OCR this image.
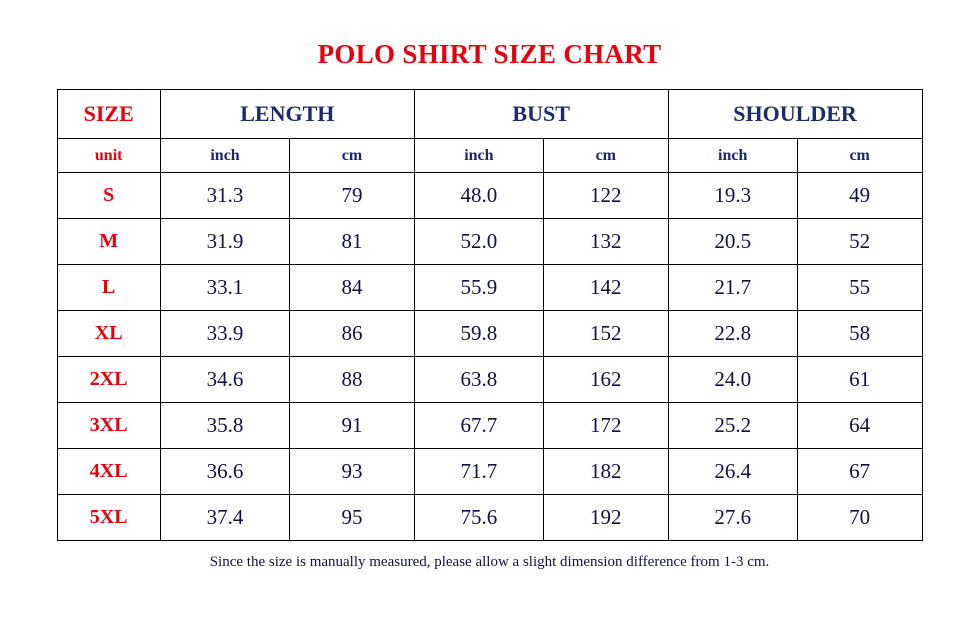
POLO SHIRT SIZE CHART
SIZE	LENGTH		BUST		SHOULDER	
unit	inch	cm	inch	cm	inch	cm
S	31.3	79	48.0	122	19.3	49
M	31.9	81	52.0	132	20.5	52
L	33.1	84	55.9	142	21.7	55
XL	33.9	86	59.8	152	22.8	58
2XL	34.6	88	63.8	162	24.0	61
3XL	35.8	91	67.7	172	25.2	64
4XL	36.6	93	71.7	182	26.4	67
5XL	37.4	95	75.6	192	27.6	70
Since the size is manually measured, please allow a slight dimension difference from 1-3 cm.
